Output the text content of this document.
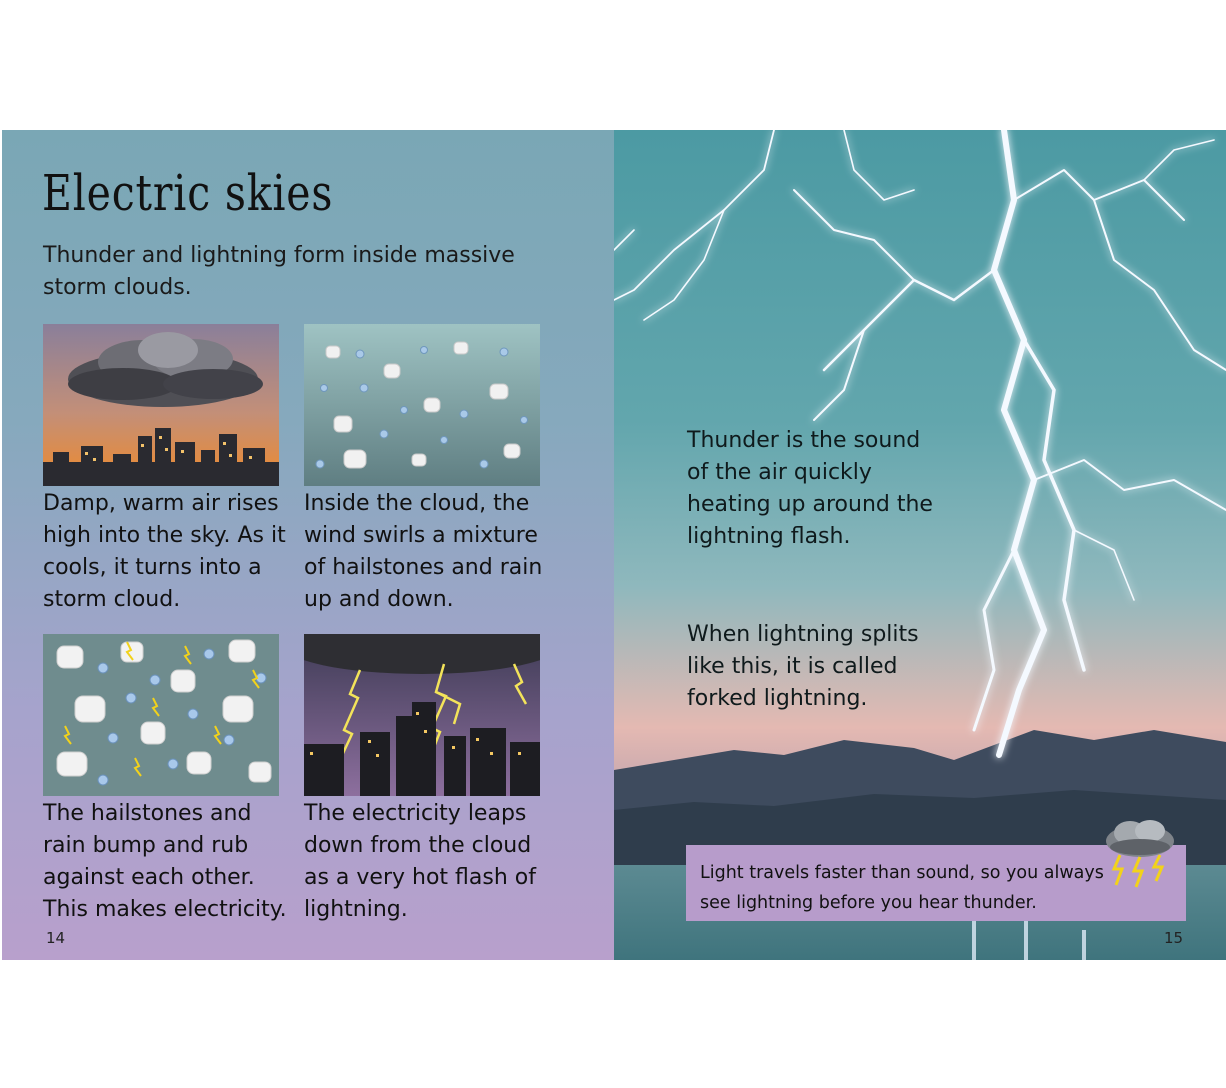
Electric skies

Thunder and lightning form inside massive storm clouds.

Damp, warm air rises high into the sky. As it cools, it turns into a storm cloud.

Inside the cloud, the wind swirls a mixture of hailstones and rain up and down.

The hailstones and rain bump and rub against each other. This makes electricity.

The electricity leaps down from the cloud as a very hot flash of lightning.

14

Thunder is the sound of the air quickly heating up around the lightning flash.

When lightning splits like this, it is called forked lightning.

Light travels faster than sound, so you always see lightning before you hear thunder.

15
